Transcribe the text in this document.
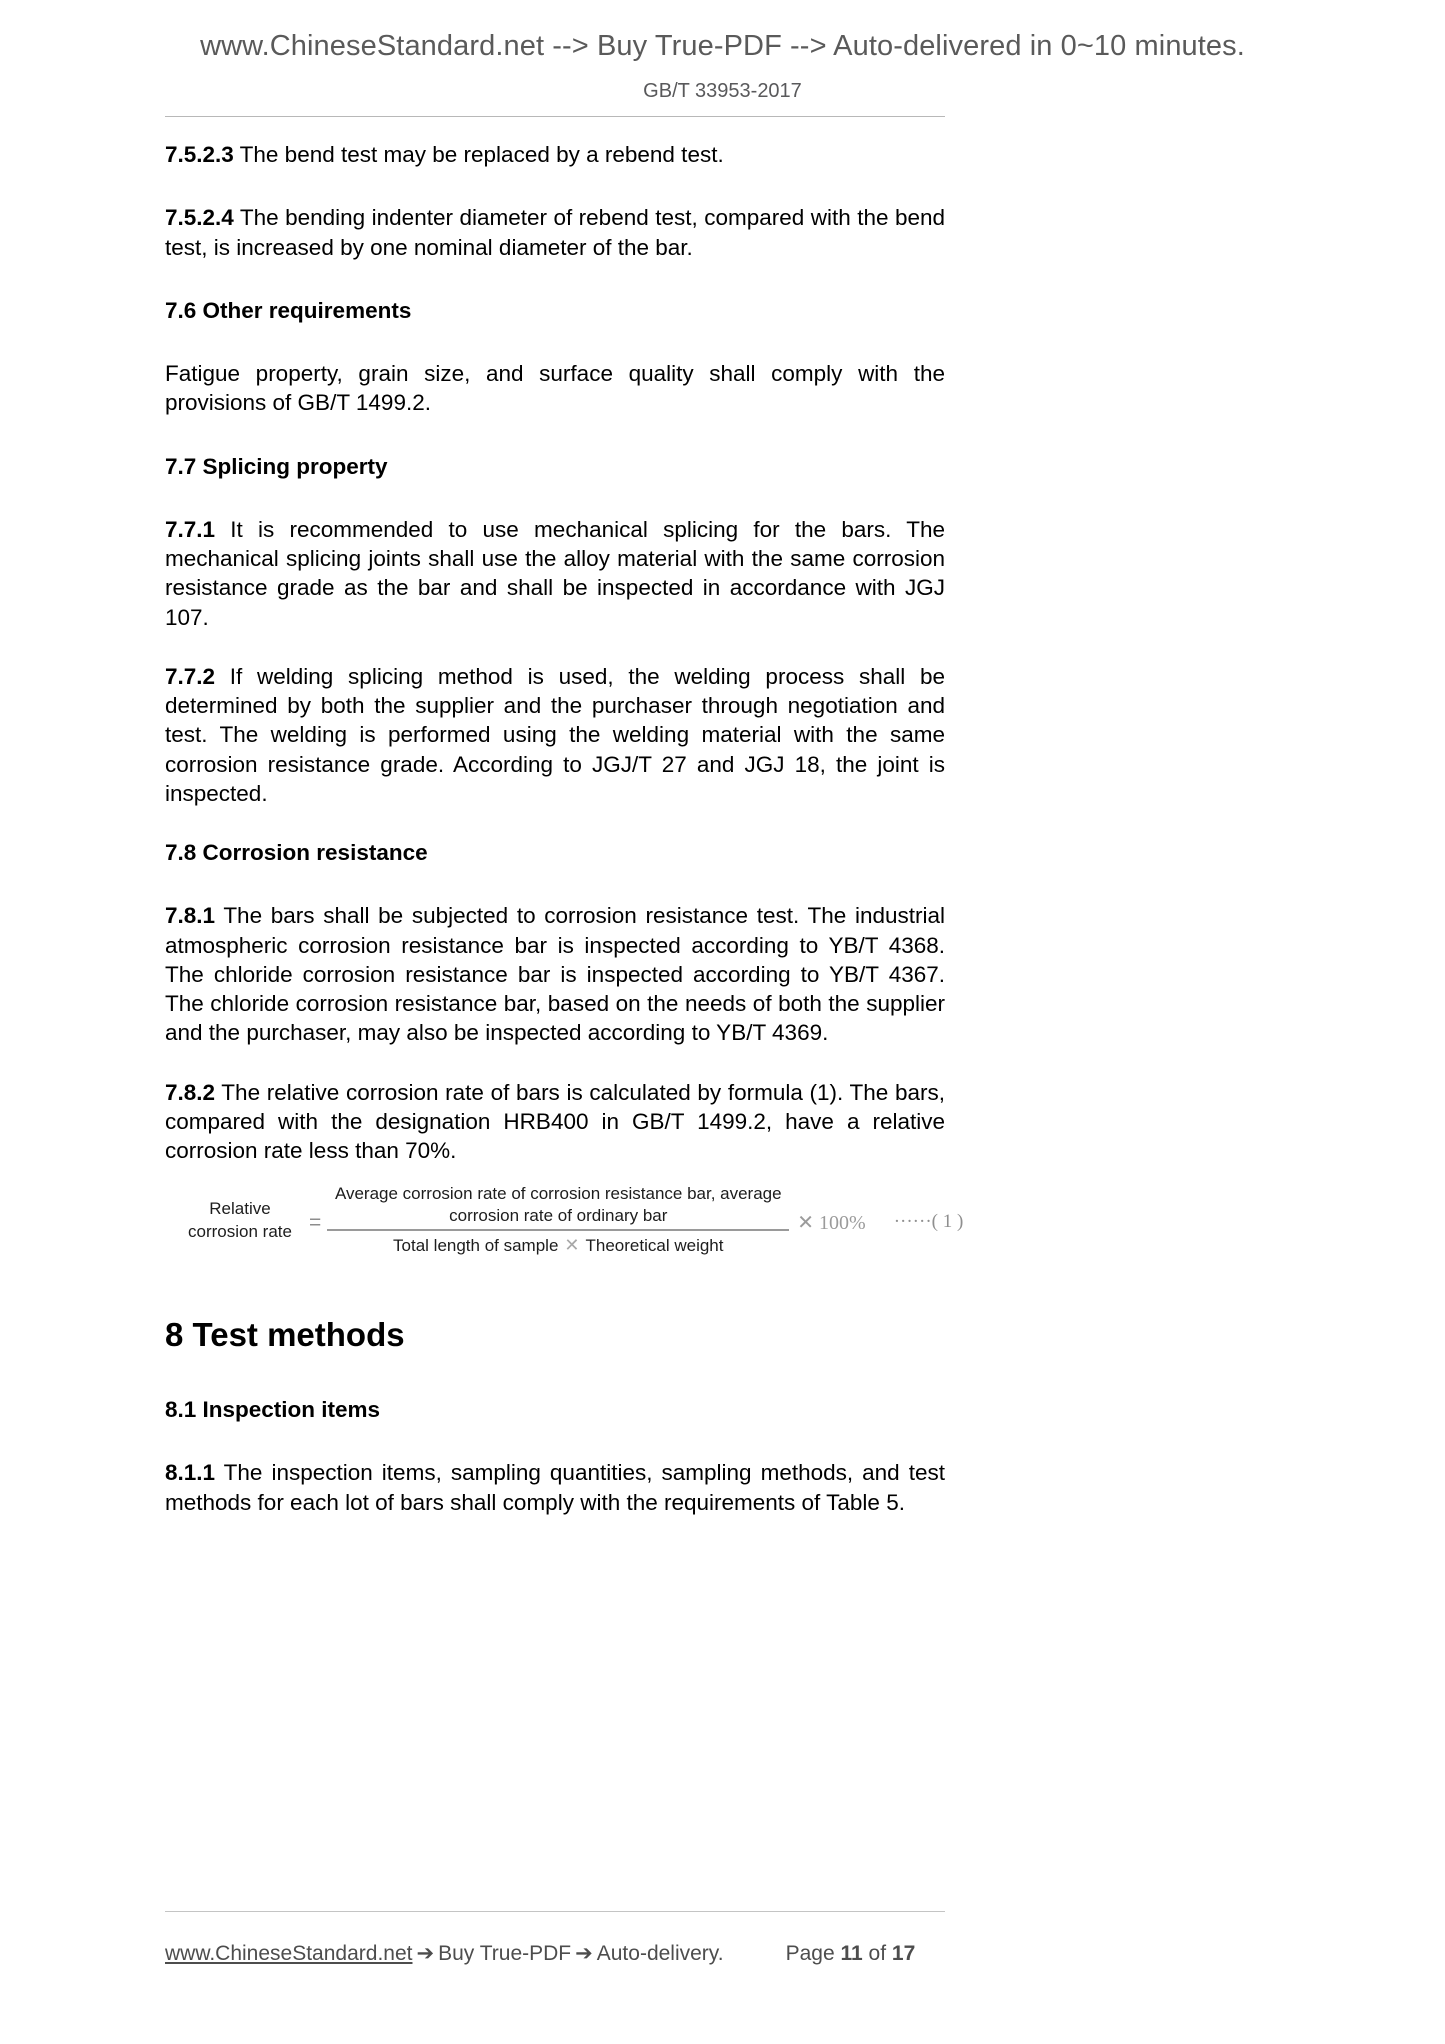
www.ChineseStandard.net --> Buy True-PDF --> Auto-delivered in 0~10 minutes.
GB/T 33953-2017

7.5.2.3 The bend test may be replaced by a rebend test.

7.5.2.4 The bending indenter diameter of rebend test, compared with the bend test, is increased by one nominal diameter of the bar.

7.6 Other requirements

Fatigue property, grain size, and surface quality shall comply with the provisions of GB/T 1499.2.

7.7 Splicing property

7.7.1 It is recommended to use mechanical splicing for the bars. The mechanical splicing joints shall use the alloy material with the same corrosion resistance grade as the bar and shall be inspected in accordance with JGJ 107.

7.7.2 If welding splicing method is used, the welding process shall be determined by both the supplier and the purchaser through negotiation and test. The welding is performed using the welding material with the same corrosion resistance grade. According to JGJ/T 27 and JGJ 18, the joint is inspected.

7.8 Corrosion resistance

7.8.1 The bars shall be subjected to corrosion resistance test. The industrial atmospheric corrosion resistance bar is inspected according to YB/T 4368. The chloride corrosion resistance bar is inspected according to YB/T 4367. The chloride corrosion resistance bar, based on the needs of both the supplier and the purchaser, may also be inspected according to YB/T 4369.

7.8.2 The relative corrosion rate of bars is calculated by formula (1). The bars, compared with the designation HRB400 in GB/T 1499.2, have a relative corrosion rate less than 70%.

Relative
corrosion rate =
Average corrosion rate of corrosion resistance bar, average corrosion rate of ordinary bar
Total length of sample ✕ Theoretical weight
✕ 100% ······( 1 )
8 Test methods
8.1 Inspection items

8.1.1 The inspection items, sampling quantities, sampling methods, and test methods for each lot of bars shall comply with the requirements of Table 5.

www.ChineseStandard.net ➔ Buy True-PDF ➔ Auto-delivery.	Page 11 of 17
